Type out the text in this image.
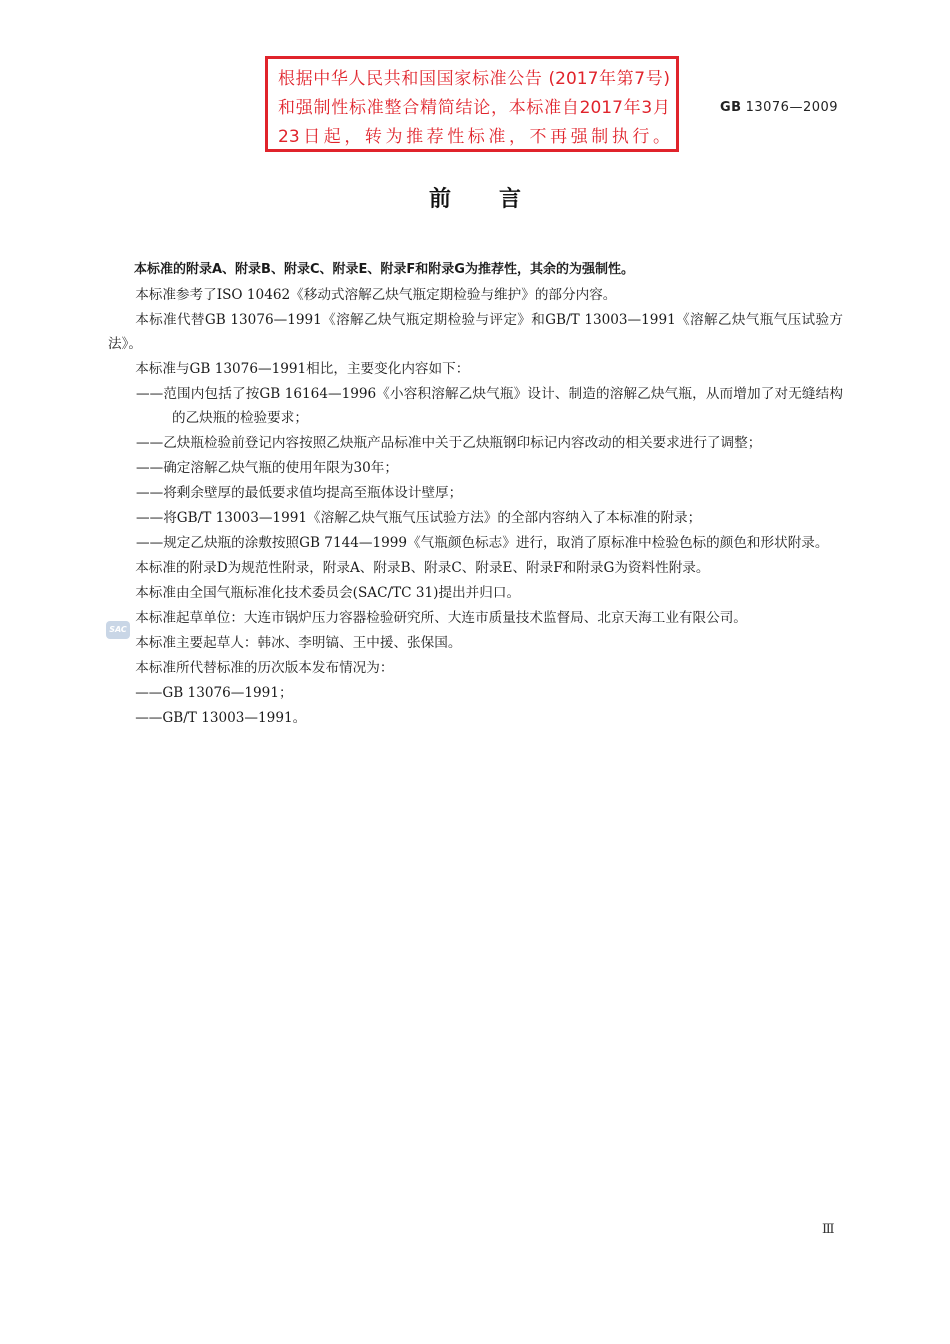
根据中华人民共和国国家标准公告 (2017年第7号) 和强制性标准整合精简结论，本标准自2017年3月23日起，转为推荐性标准，不再强制执行。
GB 13076—2009
前言
SAC

本标准的附录A、附录B、附录C、附录E、附录F和附录G为推荐性，其余的为强制性。

本标准参考了ISO 10462《移动式溶解乙炔气瓶定期检验与维护》的部分内容。

本标准代替GB 13076—1991《溶解乙炔气瓶定期检验与评定》和GB/T 13003—1991《溶解乙炔气瓶气压试验方法》。

本标准与GB 13076—1991相比，主要变化内容如下：

——范围内包括了按GB 16164—1996《小容积溶解乙炔气瓶》设计、制造的溶解乙炔气瓶，从而增加了对无缝结构的乙炔瓶的检验要求；

——乙炔瓶检验前登记内容按照乙炔瓶产品标准中关于乙炔瓶钢印标记内容改动的相关要求进行了调整；

——确定溶解乙炔气瓶的使用年限为30年；

——将剩余壁厚的最低要求值均提高至瓶体设计壁厚；

——将GB/T 13003—1991《溶解乙炔气瓶气压试验方法》的全部内容纳入了本标准的附录；

——规定乙炔瓶的涂敷按照GB 7144—1999《气瓶颜色标志》进行，取消了原标准中检验色标的颜色和形状附录。

本标准的附录D为规范性附录，附录A、附录B、附录C、附录E、附录F和附录G为资料性附录。

本标准由全国气瓶标准化技术委员会(SAC/TC 31)提出并归口。

本标准起草单位：大连市锅炉压力容器检验研究所、大连市质量技术监督局、北京天海工业有限公司。

本标准主要起草人：韩冰、李明镐、王中援、张保国。

本标准所代替标准的历次版本发布情况为：

——GB 13076—1991；

——GB/T 13003—1991。

Ⅲ
